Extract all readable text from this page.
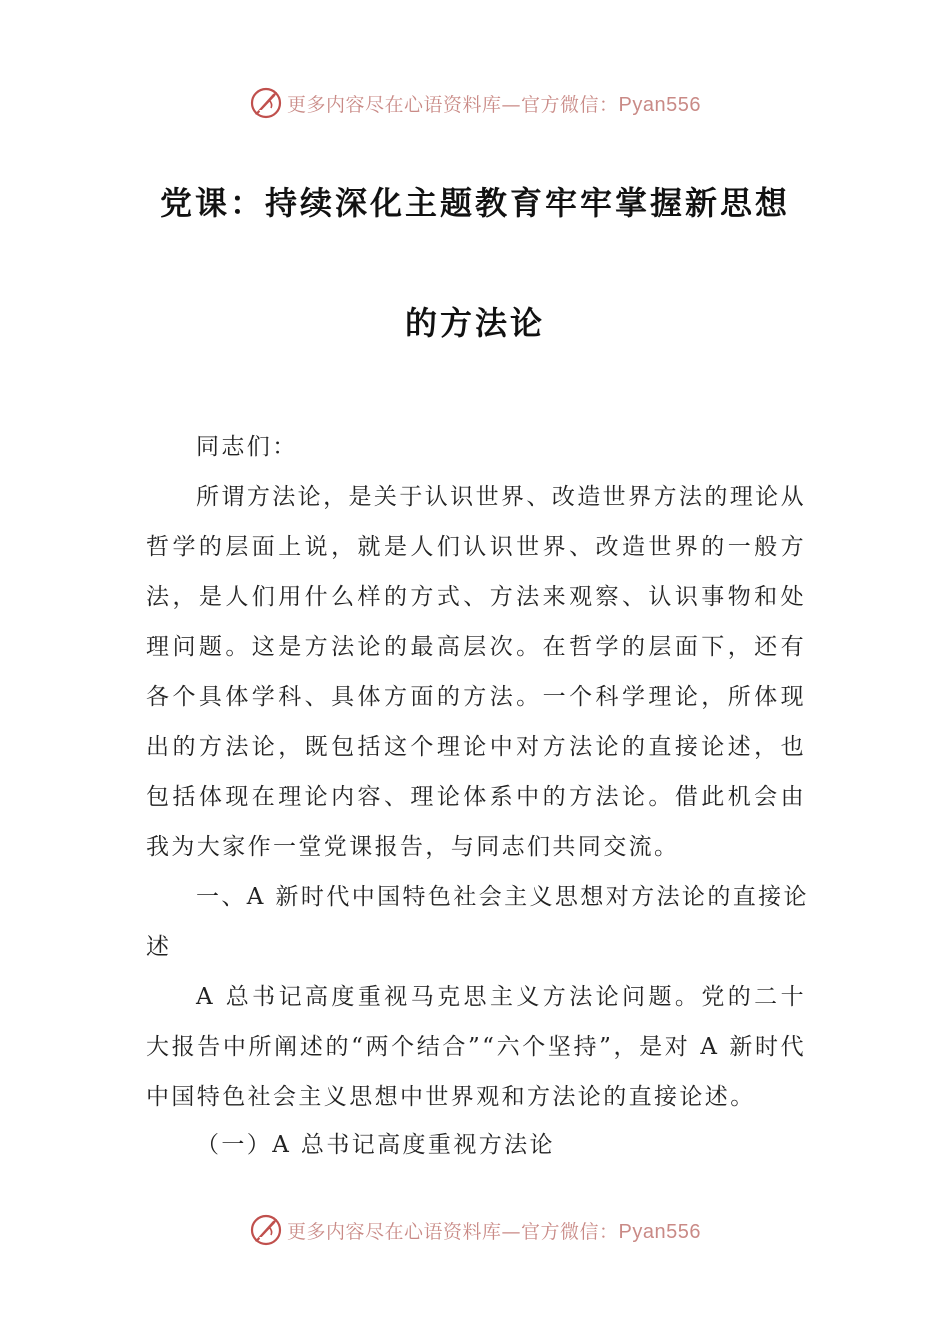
更多内容尽在心语资料库—官方微信：Pyan556
党课：持续深化主题教育牢牢掌握新思想
的方法论
同志们：
所谓方法论，是关于认识世界、改造世界方法的理论从哲学的层面上说，就是人们认识世界、改造世界的一般方法，是人们用什么样的方式、方法来观察、认识事物和处理问题。这是方法论的最高层次。在哲学的层面下，还有各个具体学科、具体方面的方法。一个科学理论，所体现出的方法论，既包括这个理论中对方法论的直接论述，也包括体现在理论内容、理论体系中的方法论。借此机会由我为大家作一堂党课报告，与同志们共同交流。
一、A 新时代中国特色社会主义思想对方法论的直接论
述
A 总书记高度重视马克思主义方法论问题。党的二十大报告中所阐述的“两个结合”“六个坚持”，是对 A 新时代中国特色社会主义思想中世界观和方法论的直接论述。
（一）A 总书记高度重视方法论
更多内容尽在心语资料库—官方微信：Pyan556
